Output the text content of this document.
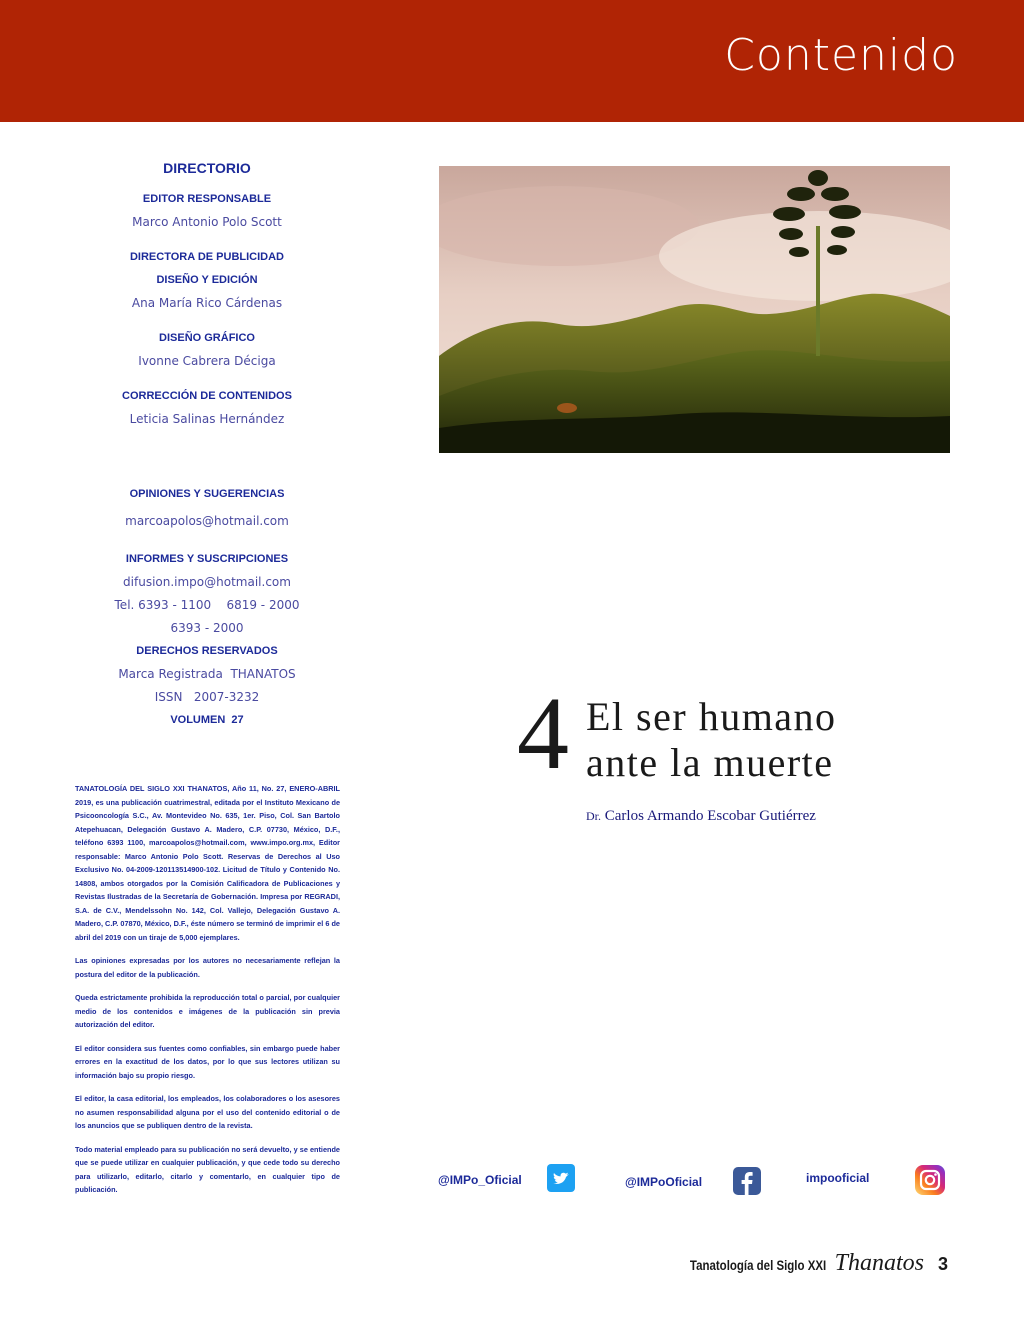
Contenido

DIRECTORIO

EDITOR RESPONSABLE

Marco Antonio Polo Scott

DIRECTORA DE PUBLICIDAD

DISEÑO Y EDICIÓN

Ana María Rico Cárdenas

DISEÑO GRÁFICO

Ivonne Cabrera Déciga

CORRECCIÓN DE CONTENIDOS

Leticia Salinas Hernández

OPINIONES Y SUGERENCIAS

marcoapolos@hotmail.com

INFORMES Y SUSCRIPCIONES

difusion.impo@hotmail.com

Tel. 6393 - 1100    6819 - 2000

6393 - 2000

DERECHOS RESERVADOS

Marca Registrada  THANATOS

ISSN   2007-3232

VOLUMEN  27

TANATOLOGÍA DEL SIGLO XXI THANATOS, Año 11, No. 27, ENERO-ABRIL 2019, es una publicación cuatrimestral, editada por el Instituto Mexicano de Psicooncología S.C., Av. Montevideo No. 635, 1er. Piso, Col. San Bartolo Atepehuacan, Delegación Gustavo A. Madero, C.P. 07730, México, D.F., teléfono 6393 1100, marcoapolos@hotmail.com, www.impo.org.mx, Editor responsable: Marco Antonio Polo Scott. Reservas de Derechos al Uso Exclusivo No. 04-2009-120113514900-102. Licitud de Título y Contenido No. 14808, ambos otorgados por la Comisión Calificadora de Publicaciones y Revistas Ilustradas de la Secretaría de Gobernación. Impresa por REGRADI, S.A. de C.V., Mendelssohn No. 142, Col. Vallejo, Delegación Gustavo A. Madero, C.P. 07870, México, D.F., éste número se terminó de imprimir el 6 de abril del 2019 con un tiraje de 5,000 ejemplares.

Las opiniones expresadas por los autores no necesariamente reflejan la postura del editor de la publicación.

Queda estrictamente prohibida la reproducción total o parcial, por cualquier medio de los contenidos e imágenes de la publicación sin previa autorización del editor.

El editor considera sus fuentes como confiables, sin embargo puede haber errores en la exactitud de los datos, por lo que sus lectores utilizan su información bajo su propio riesgo.

El editor, la casa editorial, los empleados, los colaboradores o los asesores no asumen responsabilidad alguna por el uso del contenido editorial o de los anuncios que se publiquen dentro de la revista.

Todo material empleado para su publicación no será devuelto, y se entiende que se puede utilizar en cualquier publicación, y que cede todo su derecho para utilizarlo, editarlo, citarlo y comentarlo, en cualquier tipo de publicación.

4 El ser humano
ante la muerte

Dr. Carlos Armando Escobar Gutiérrez
@IMPo_Oficial	@IMPoOficial	impooficial
Tanatología del Siglo XXI Thanatos 3
